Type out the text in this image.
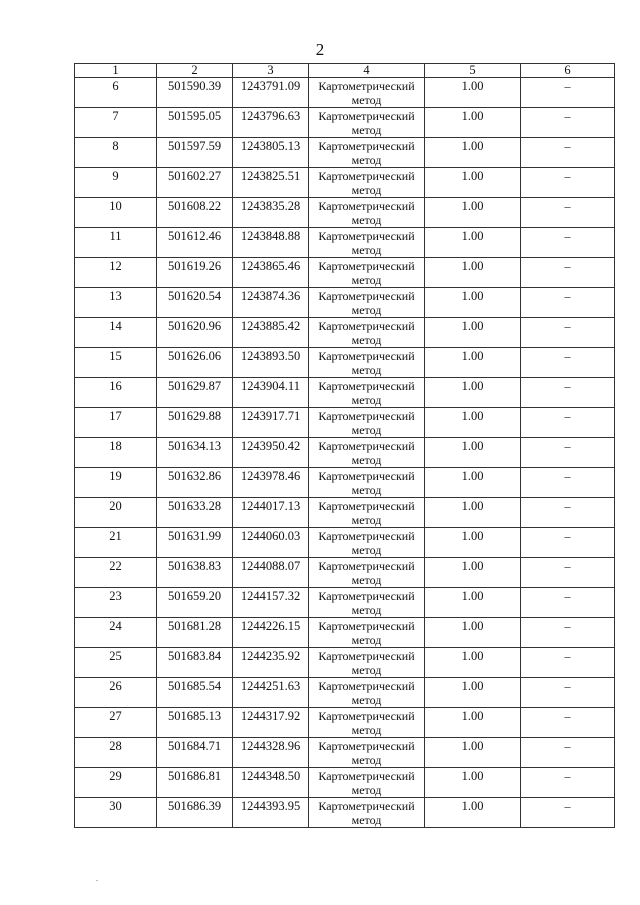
2
1	2	3	4	5	6
6	501590.39	1243791.09	Картометрический метод	1.00	–
7	501595.05	1243796.63	Картометрический метод	1.00	–
8	501597.59	1243805.13	Картометрический метод	1.00	–
9	501602.27	1243825.51	Картометрический метод	1.00	–
10	501608.22	1243835.28	Картометрический метод	1.00	–
11	501612.46	1243848.88	Картометрический метод	1.00	–
12	501619.26	1243865.46	Картометрический метод	1.00	–
13	501620.54	1243874.36	Картометрический метод	1.00	–
14	501620.96	1243885.42	Картометрический метод	1.00	–
15	501626.06	1243893.50	Картометрический метод	1.00	–
16	501629.87	1243904.11	Картометрический метод	1.00	–
17	501629.88	1243917.71	Картометрический метод	1.00	–
18	501634.13	1243950.42	Картометрический метод	1.00	–
19	501632.86	1243978.46	Картометрический метод	1.00	–
20	501633.28	1244017.13	Картометрический метод	1.00	–
21	501631.99	1244060.03	Картометрический метод	1.00	–
22	501638.83	1244088.07	Картометрический метод	1.00	–
23	501659.20	1244157.32	Картометрический метод	1.00	–
24	501681.28	1244226.15	Картометрический метод	1.00	–
25	501683.84	1244235.92	Картометрический метод	1.00	–
26	501685.54	1244251.63	Картометрический метод	1.00	–
27	501685.13	1244317.92	Картометрический метод	1.00	–
28	501684.71	1244328.96	Картометрический метод	1.00	–
29	501686.81	1244348.50	Картометрический метод	1.00	–
30	501686.39	1244393.95	Картометрический метод	1.00	–
